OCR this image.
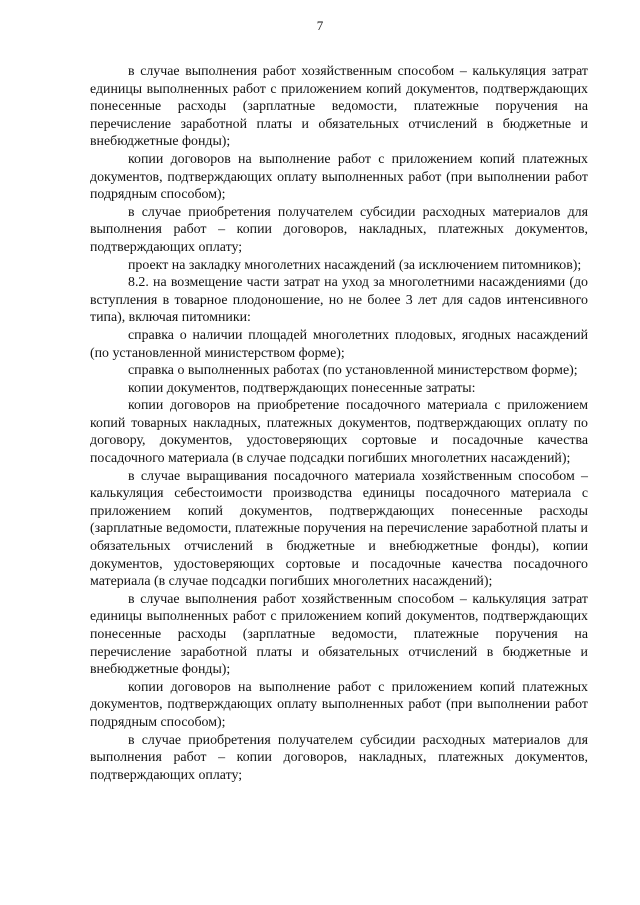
7

в случае выполнения работ хозяйственным способом – калькуляция затрат единицы выполненных работ с приложением копий документов, подтверждающих понесенные расходы (зарплатные ведомости, платежные поручения на перечисление заработной платы и обязательных отчислений в бюджетные и внебюджетные фонды);

копии договоров на выполнение работ с приложением копий платежных документов, подтверждающих оплату выполненных работ (при выполнении работ подрядным способом);

в случае приобретения получателем субсидии расходных материалов для выполнения работ – копии договоров, накладных, платежных документов, подтверждающих оплату;

проект на закладку многолетних насаждений (за исключением питомников);

8.2. на возмещение части затрат на уход за многолетними насаждениями (до вступления в товарное плодоношение, но не более 3 лет для садов интенсивного типа), включая питомники:

справка о наличии площадей многолетних плодовых, ягодных насаждений (по установленной министерством форме);

справка о выполненных работах (по установленной министерством форме);

копии документов, подтверждающих понесенные затраты:

копии договоров на приобретение посадочного материала с приложением копий товарных накладных, платежных документов, подтверждающих оплату по договору, документов, удостоверяющих сортовые и посадочные качества посадочного материала (в случае подсадки погибших многолетних насаждений);

в случае выращивания посадочного материала хозяйственным способом – калькуляция себестоимости производства единицы посадочного материала с приложением копий документов, подтверждающих понесенные расходы (зарплатные ведомости, платежные поручения на перечисление заработной платы и обязательных отчислений в бюджетные и внебюджетные фонды), копии документов, удостоверяющих сортовые и посадочные качества посадочного материала (в случае подсадки погибших многолетних насаждений);

в случае выполнения работ хозяйственным способом – калькуляция затрат единицы выполненных работ с приложением копий документов, подтверждающих понесенные расходы (зарплатные ведомости, платежные поручения на перечисление заработной платы и обязательных отчислений в бюджетные и внебюджетные фонды);

копии договоров на выполнение работ с приложением копий платежных документов, подтверждающих оплату выполненных работ (при выполнении работ подрядным способом);

в случае приобретения получателем субсидии расходных материалов для выполнения работ – копии договоров, накладных, платежных документов, подтверждающих оплату;
